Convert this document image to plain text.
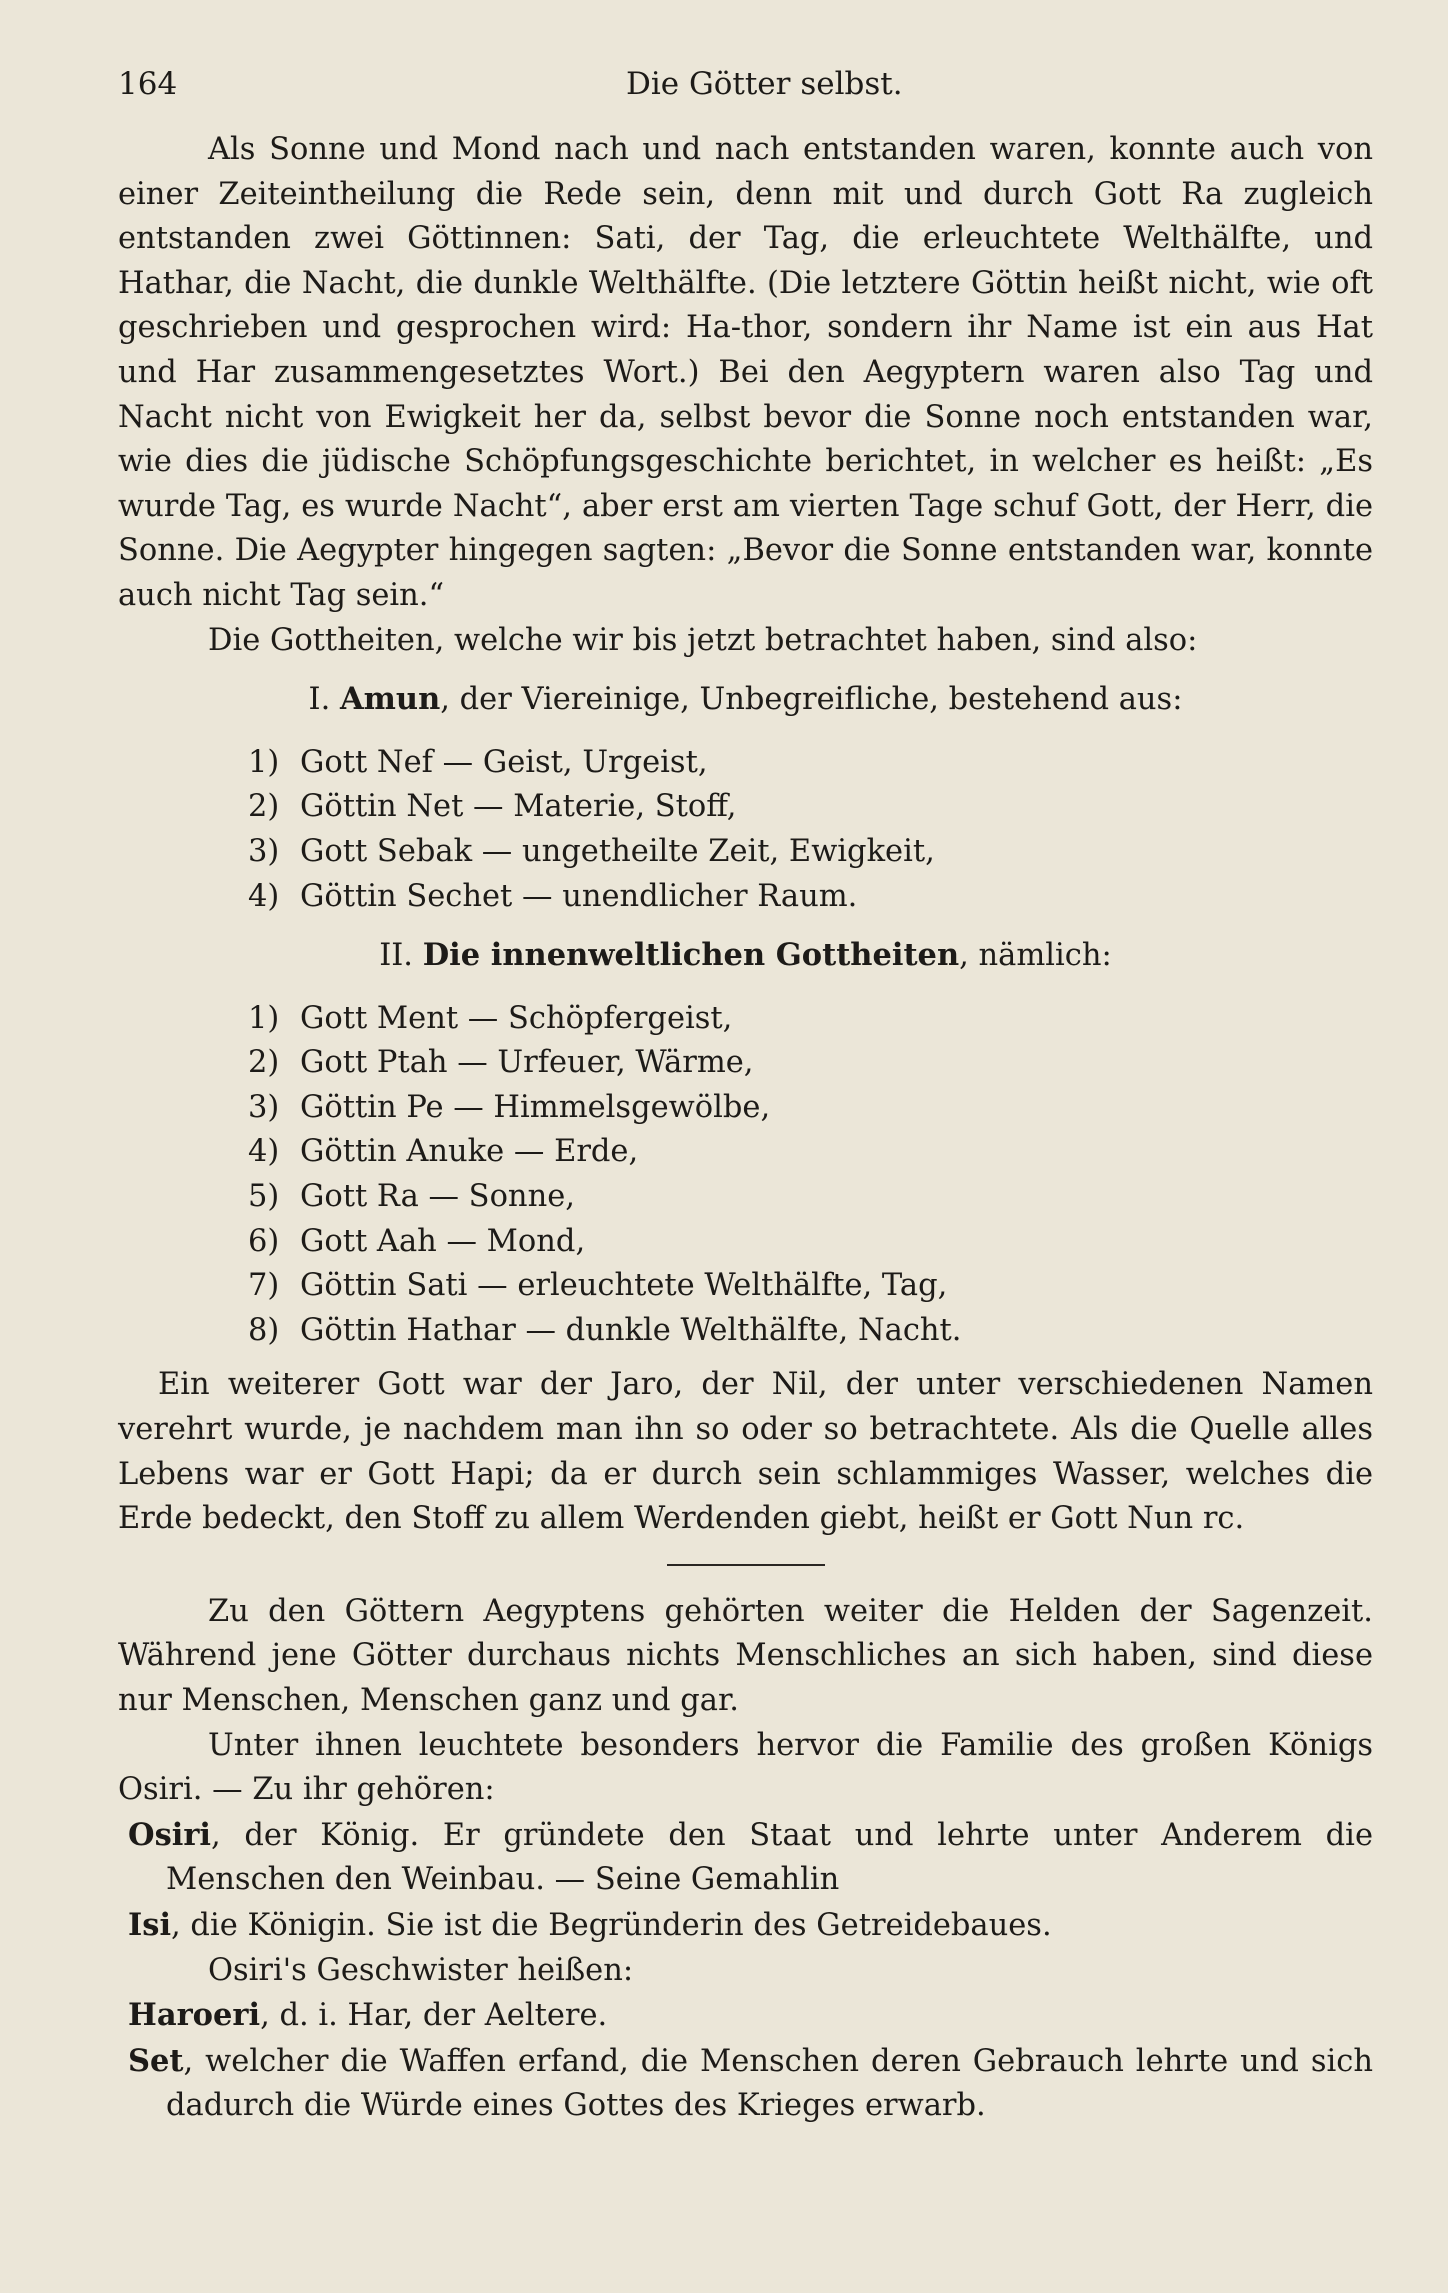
164	Die Götter selbst.

Als Sonne und Mond nach und nach entstanden waren, konnte auch von einer Zeiteintheilung die Rede sein, denn mit und durch Gott Ra zugleich entstanden zwei Göttinnen: Sati, der Tag, die erleuchtete Welthälfte, und Hathar, die Nacht, die dunkle Welthälfte. (Die letztere Göttin heißt nicht, wie oft geschrieben und gesprochen wird: Ha-thor, sondern ihr Name ist ein aus Hat und Har zusammengesetztes Wort.) Bei den Aegyptern waren also Tag und Nacht nicht von Ewigkeit her da, selbst bevor die Sonne noch entstanden war, wie dies die jüdische Schöpfungsgeschichte berichtet, in welcher es heißt: „Es wurde Tag, es wurde Nacht“, aber erst am vierten Tage schuf Gott, der Herr, die Sonne. Die Aegypter hingegen sagten: „Bevor die Sonne entstanden war, konnte auch nicht Tag sein.“

Die Gottheiten, welche wir bis jetzt betrachtet haben, sind also:

I. Amun, der Viereinige, Unbegreifliche, bestehend aus:
1) Gott Nef — Geist, Urgeist,
2) Göttin Net — Materie, Stoff,
3) Gott Sebak — ungetheilte Zeit, Ewigkeit,
4) Göttin Sechet — unendlicher Raum.
II. Die innenweltlichen Gottheiten, nämlich:
1) Gott Ment — Schöpfergeist,
2) Gott Ptah — Urfeuer, Wärme,
3) Göttin Pe — Himmelsgewölbe,
4) Göttin Anuke — Erde,
5) Gott Ra — Sonne,
6) Gott Aah — Mond,
7) Göttin Sati — erleuchtete Welthälfte, Tag,
8) Göttin Hathar — dunkle Welthälfte, Nacht.

Ein weiterer Gott war der Jaro, der Nil, der unter verschiedenen Namen verehrt wurde, je nachdem man ihn so oder so betrachtete. Als die Quelle alles Lebens war er Gott Hapi; da er durch sein schlammiges Wasser, welches die Erde bedeckt, den Stoff zu allem Werdenden giebt, heißt er Gott Nun rc.

Zu den Göttern Aegyptens gehörten weiter die Helden der Sagenzeit. Während jene Götter durchaus nichts Menschliches an sich haben, sind diese nur Menschen, Menschen ganz und gar.

Unter ihnen leuchtete besonders hervor die Familie des großen Königs Osiri. — Zu ihr gehören:

Osiri, der König. Er gründete den Staat und lehrte unter Anderem die Menschen den Weinbau. — Seine Gemahlin

Isi, die Königin. Sie ist die Begründerin des Getreidebaues.

Osiri's Geschwister heißen:

Haroeri, d. i. Har, der Aeltere.

Set, welcher die Waffen erfand, die Menschen deren Gebrauch lehrte und sich dadurch die Würde eines Gottes des Krieges erwarb.
